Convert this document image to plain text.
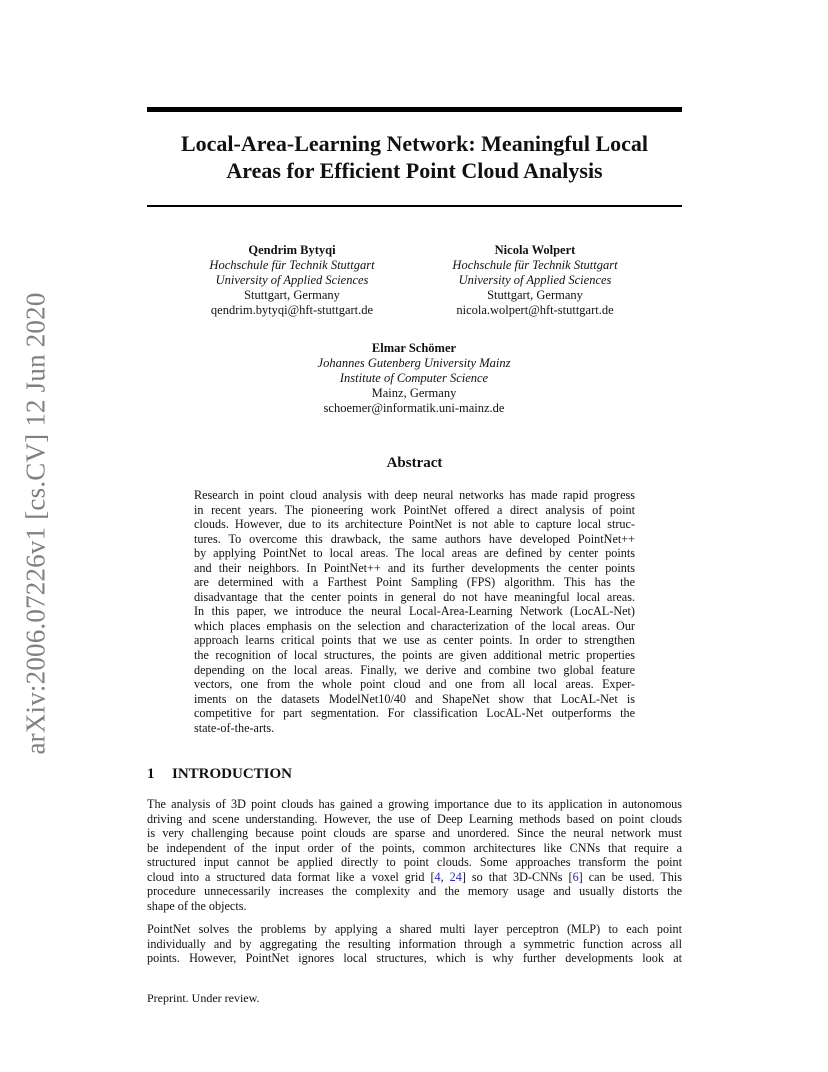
arXiv:2006.07226v1 [cs.CV] 12 Jun 2020
Local-Area-Learning Network: Meaningful Local
Areas for Efficient Point Cloud Analysis
Qendrim Bytyqi
Hochschule für Technik Stuttgart
University of Applied Sciences
Stuttgart, Germany
qendrim.bytyqi@hft-stuttgart.de
Nicola Wolpert
Hochschule für Technik Stuttgart
University of Applied Sciences
Stuttgart, Germany
nicola.wolpert@hft-stuttgart.de
Elmar Schömer
Johannes Gutenberg University Mainz
Institute of Computer Science
Mainz, Germany
schoemer@informatik.uni-mainz.de
Abstract
Research in point cloud analysis with deep neural networks has made rapid progress
in recent years. The pioneering work PointNet offered a direct analysis of point
clouds. However, due to its architecture PointNet is not able to capture local struc-
tures. To overcome this drawback, the same authors have developed PointNet++
by applying PointNet to local areas. The local areas are defined by center points
and their neighbors. In PointNet++ and its further developments the center points
are determined with a Farthest Point Sampling (FPS) algorithm. This has the
disadvantage that the center points in general do not have meaningful local areas.
In this paper, we introduce the neural Local-Area-Learning Network (LocAL-Net)
which places emphasis on the selection and characterization of the local areas. Our
approach learns critical points that we use as center points. In order to strengthen
the recognition of local structures, the points are given additional metric properties
depending on the local areas. Finally, we derive and combine two global feature
vectors, one from the whole point cloud and one from all local areas. Exper-
iments on the datasets ModelNet10/40 and ShapeNet show that LocAL-Net is
competitive for part segmentation. For classification LocAL-Net outperforms the
state-of-the-arts.
1 INTRODUCTION
The analysis of 3D point clouds has gained a growing importance due to its application in autonomous
driving and scene understanding. However, the use of Deep Learning methods based on point clouds
is very challenging because point clouds are sparse and unordered. Since the neural network must
be independent of the input order of the points, common architectures like CNNs that require a
structured input cannot be applied directly to point clouds. Some approaches transform the point
cloud into a structured data format like a voxel grid [4, 24] so that 3D-CNNs [6] can be used. This
procedure unnecessarily increases the complexity and the memory usage and usually distorts the
shape of the objects.
PointNet solves the problems by applying a shared multi layer perceptron (MLP) to each point
individually and by aggregating the resulting information through a symmetric function across all
points. However, PointNet ignores local structures, which is why further developments look at
Preprint. Under review.
